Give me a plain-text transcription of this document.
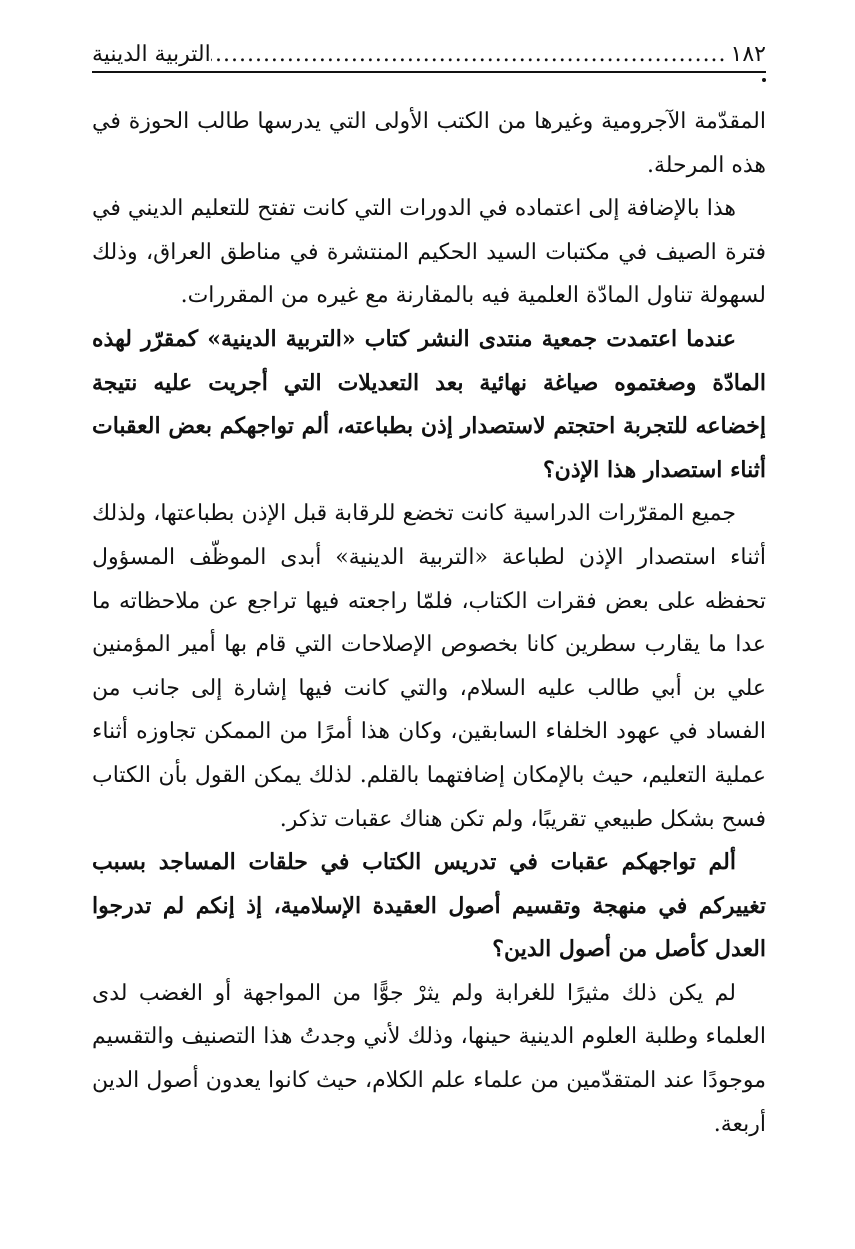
١٨٢
.....
التربية الدينية

المقدّمة الآجرومية وغيرها من الكتب الأولى التي يدرسها طالب الحوزة في هذه المرحلة.

هذا بالإضافة إلى اعتماده في الدورات التي كانت تفتح للتعليم الديني في فترة الصيف في مكتبات السيد الحكيم المنتشرة في مناطق العراق، وذلك لسهولة تناول المادّة العلمية فيه بالمقارنة مع غيره من المقررات.

عندما اعتمدت جمعية منتدى النشر كتاب «التربية الدينية» كمقرّر لهذه المادّة وصغتموه صياغة نهائية بعد التعديلات التي أجريت عليه نتيجة إخضاعه للتجربة احتجتم لاستصدار إذن بطباعته، ألم تواجهكم بعض العقبات أثناء استصدار هذا الإذن؟

جميع المقرّرات الدراسية كانت تخضع للرقابة قبل الإذن بطباعتها، ولذلك أثناء استصدار الإذن لطباعة «التربية الدينية» أبدى الموظّف المسؤول تحفظه على بعض فقرات الكتاب، فلمّا راجعته فيها تراجع عن ملاحظاته ما عدا ما يقارب سطرين كانا بخصوص الإصلاحات التي قام بها أمير المؤمنين علي بن أبي طالب عليه السلام، والتي كانت فيها إشارة إلى جانب من الفساد في عهود الخلفاء السابقين، وكان هذا أمرًا من الممكن تجاوزه أثناء عملية التعليم، حيث بالإمكان إضافتهما بالقلم. لذلك يمكن القول بأن الكتاب فسح بشكل طبيعي تقريبًا، ولم تكن هناك عقبات تذكر.

ألم تواجهكم عقبات في تدريس الكتاب في حلقات المساجد بسبب تغييركم في منهجة وتقسيم أصول العقيدة الإسلامية، إذ إنكم لم تدرجوا العدل كأصل من أصول الدين؟

لم يكن ذلك مثيرًا للغرابة ولم يثرْ جوًّا من المواجهة أو الغضب لدى العلماء وطلبة العلوم الدينية حينها، وذلك لأني وجدتُ هذا التصنيف والتقسيم موجودًا عند المتقدّمين من علماء علم الكلام، حيث كانوا يعدون أصول الدين أربعة.
